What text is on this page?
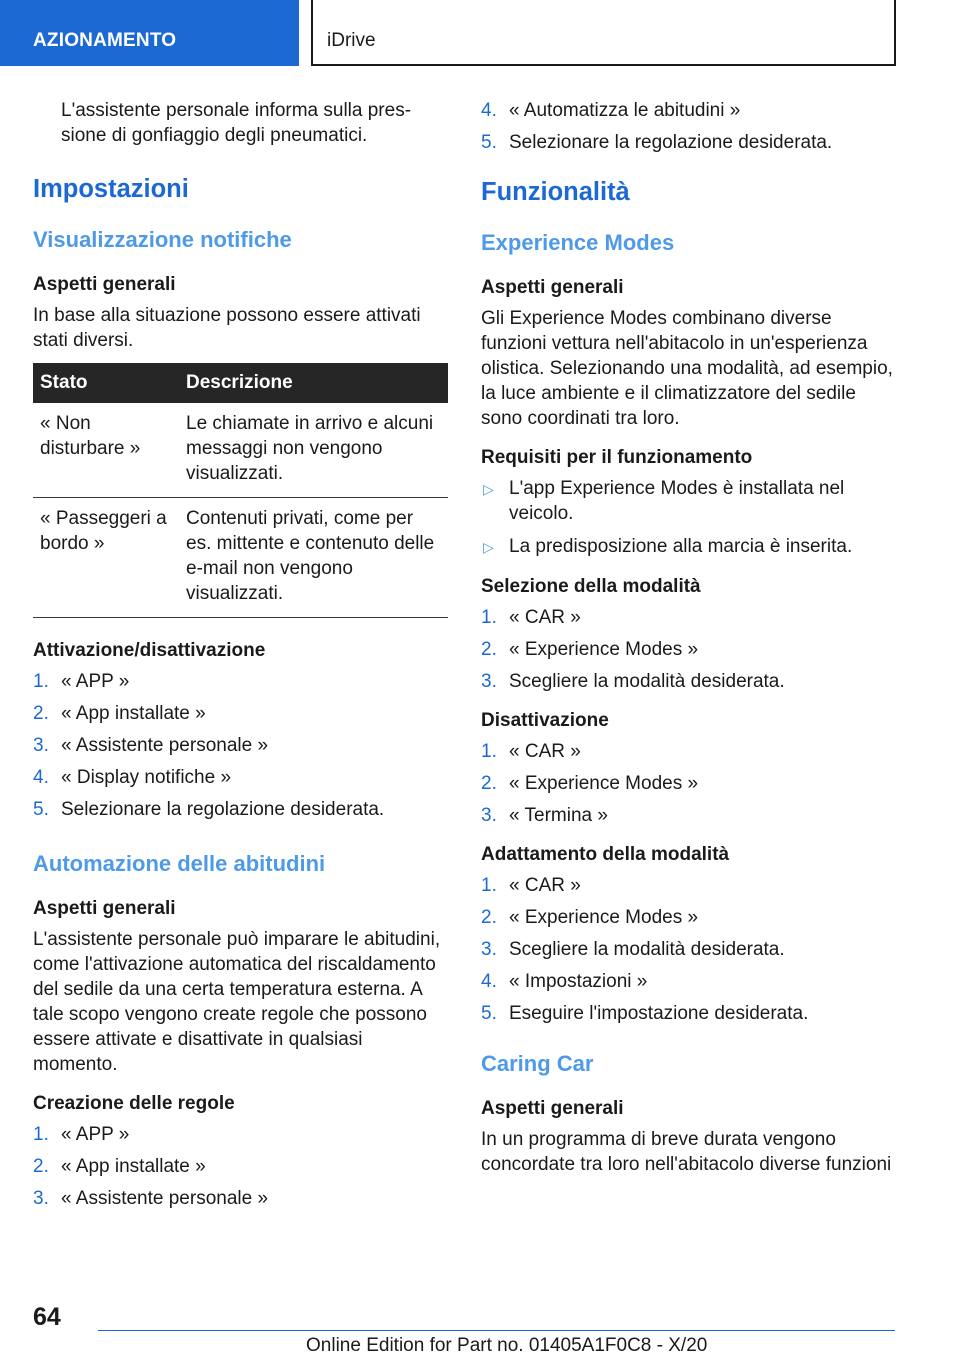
AZIONAMENTO	iDrive

L'assistente personale informa sulla pres-
sione di gonfiaggio degli pneumatici.

Impostazioni
Visualizzazione notifiche
Aspetti generali

In base alla situazione possono essere attivati stati diversi.

Stato	Descrizione
« Non disturbare »	Le chiamate in arrivo e alcuni messaggi non vengono visualizzati.
« Passeggeri a bordo »	Contenuti privati, come per es. mittente e contenuto delle e-mail non vengono visualizzati.
Attivazione/disattivazione
1. « APP »
2. « App installate »
3. « Assistente personale »
4. « Display notifiche »
5. Selezionare la regolazione desiderata.
Automazione delle abitudini
Aspetti generali

L'assistente personale può imparare le abitudini, come l'attivazione automatica del riscaldamento del sedile da una certa temperatura esterna. A tale scopo vengono create regole che possono essere attivate e disattivate in qualsiasi momento.

Creazione delle regole
1. « APP »
2. « App installate »
3. « Assistente personale »
4. « Automatizza le abitudini »
5. Selezionare la regolazione desiderata.
Funzionalità
Experience Modes
Aspetti generali

Gli Experience Modes combinano diverse funzioni vettura nell'abitacolo in un'esperienza olistica. Selezionando una modalità, ad esempio, la luce ambiente e il climatizzatore del sedile sono coordinati tra loro.

Requisiti per il funzionamento
▷ L'app Experience Modes è installata nel veicolo.
▷ La predisposizione alla marcia è inserita.
Selezione della modalità
1. « CAR »
2. « Experience Modes »
3. Scegliere la modalità desiderata.
Disattivazione
1. « CAR »
2. « Experience Modes »
3. « Termina »
Adattamento della modalità
1. « CAR »
2. « Experience Modes »
3. Scegliere la modalità desiderata.
4. « Impostazioni »
5. Eseguire l'impostazione desiderata.
Caring Car
Aspetti generali

In un programma di breve durata vengono concordate tra loro nell'abitacolo diverse funzioni

64
Online Edition for Part no. 01405A1F0C8 - X/20
